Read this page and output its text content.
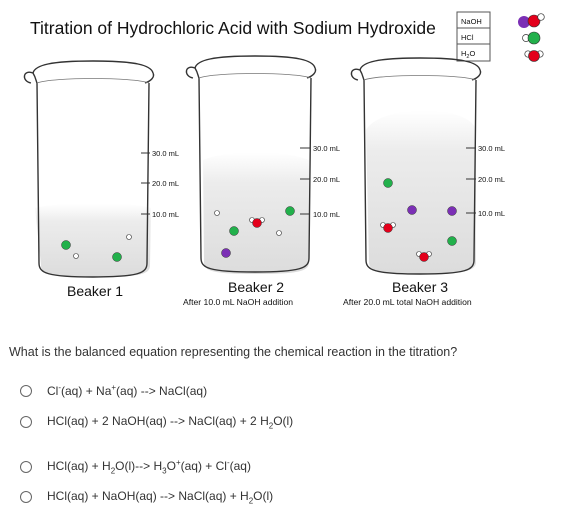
Titration of Hydrochloric Acid with Sodium Hydroxide	NaOH
HCl
$H_2O$
30.0 mL
20.0 mL
10.0 mL
Beaker 1
30.0 mL
20.0 mL
10.0 mL
Beaker 2
After 10.0 mL NaOH addition
30.0 mL
20.0 mL
10.0 mL
Beaker 3
After 20.0 mL total NaOH addition

What is the balanced equation representing the chemical reaction in the titration?

Cl-(aq) + Na+(aq) --> NaCl(aq)
HCl(aq) + 2 NaOH(aq) --> NaCl(aq) + 2 $H_2O(l)$
$HCl(aq) + H_2O(l)--> H_3O^+(aq) + Cl^-(aq)$
HCl(aq) + NaOH(aq) --> NaCl(aq) + $H_2O(l)$
